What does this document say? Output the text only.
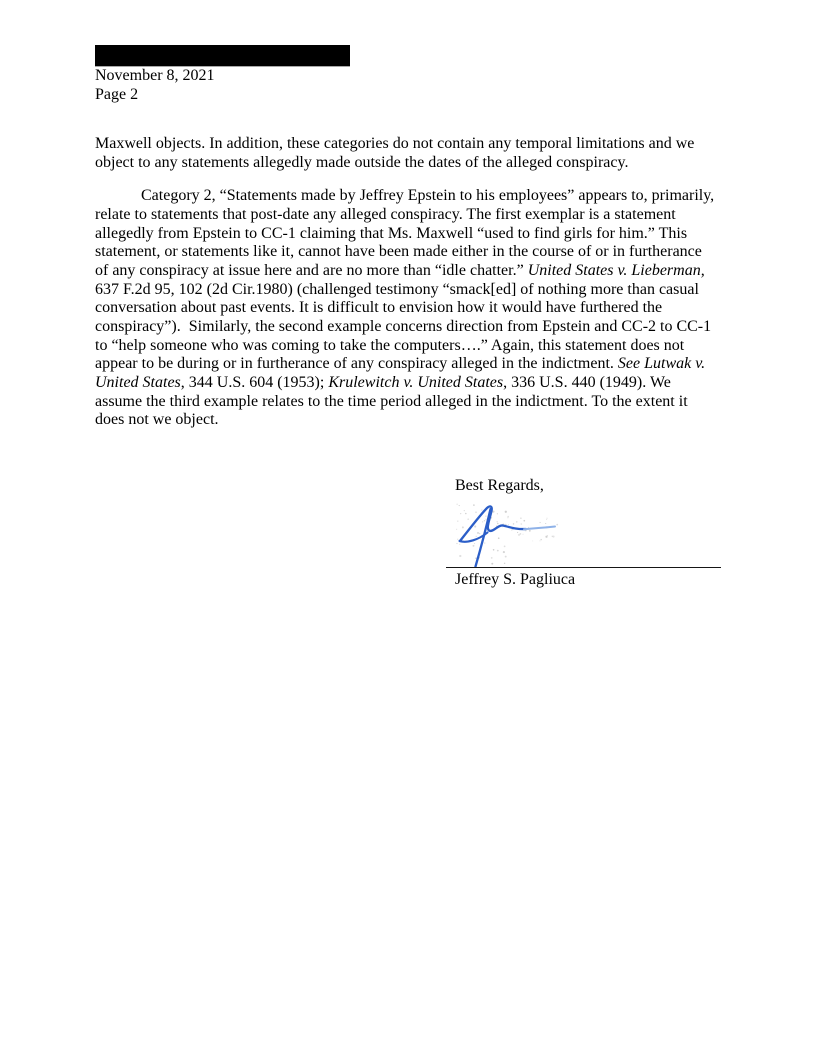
November 8, 2021
Page 2
Maxwell objects. In addition, these categories do not contain any temporal limitations and we
object to any statements allegedly made outside the dates of the alleged conspiracy.
Category 2, “Statements made by Jeffrey Epstein to his employees” appears to, primarily,
relate to statements that post-date any alleged conspiracy. The first exemplar is a statement
allegedly from Epstein to CC-1 claiming that Ms. Maxwell “used to find girls for him.” This
statement, or statements like it, cannot have been made either in the course of or in furtherance
of any conspiracy at issue here and are no more than “idle chatter.” United States v. Lieberman,
637 F.2d 95, 102 (2d Cir.1980) (challenged testimony “smack[ed] of nothing more than casual
conversation about past events. It is difficult to envision how it would have furthered the
conspiracy”).  Similarly, the second example concerns direction from Epstein and CC-2 to CC-1
to “help someone who was coming to take the computers….” Again, this statement does not
appear to be during or in furtherance of any conspiracy alleged in the indictment. See Lutwak v.
United States, 344 U.S. 604 (1953); Krulewitch v. United States, 336 U.S. 440 (1949). We
assume the third example relates to the time period alleged in the indictment. To the extent it
does not we object.
Best Regards,
Jeffrey S. Pagliuca
